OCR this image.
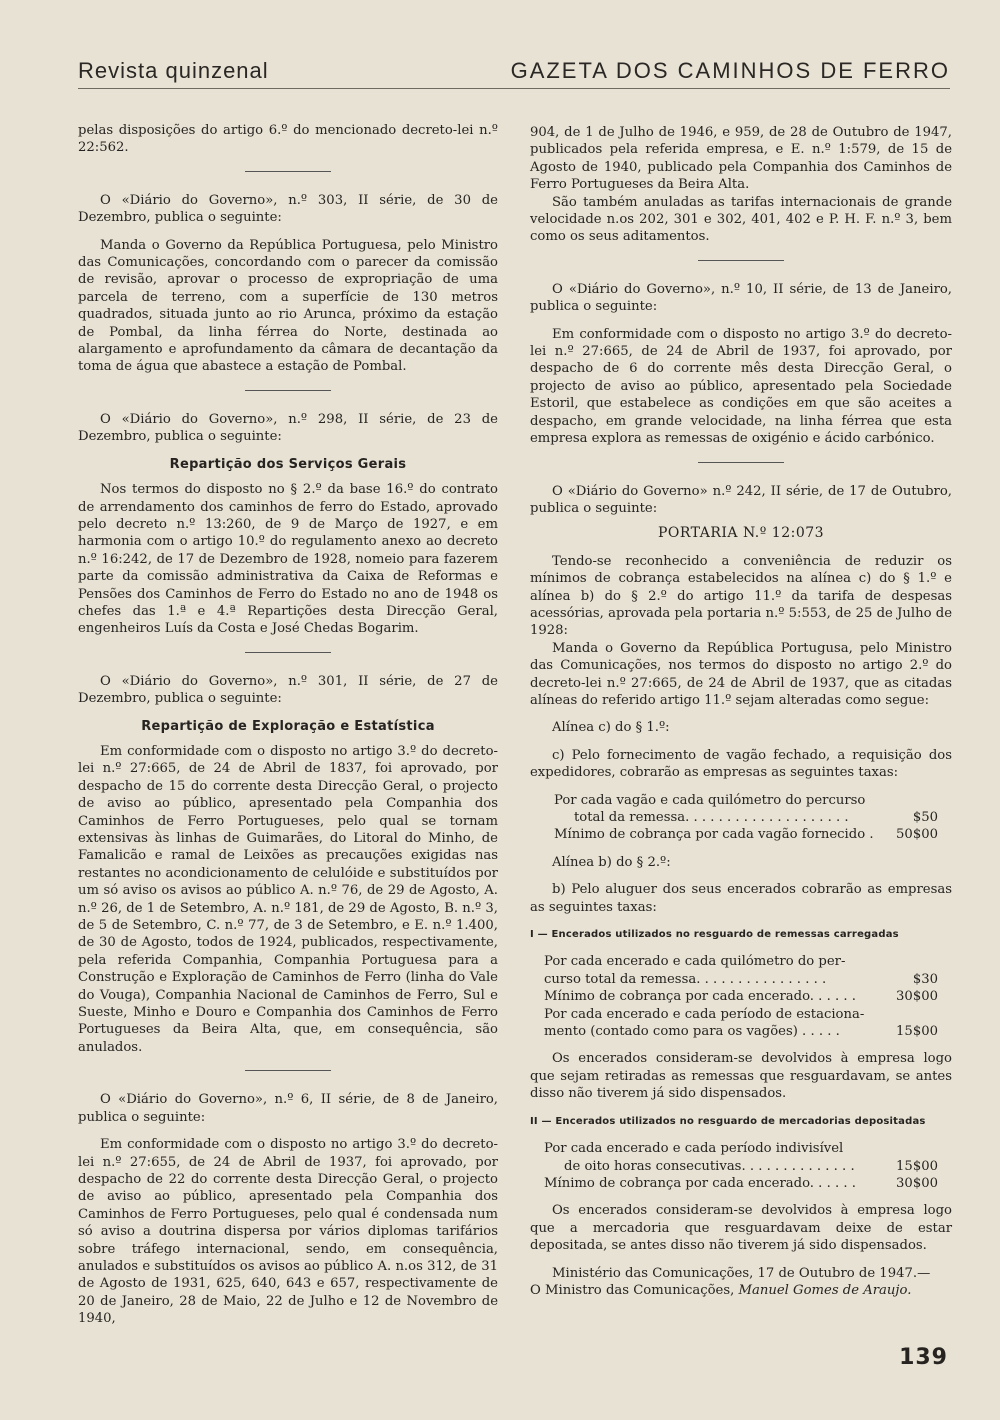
Revista quinzenal	GAZETA DOS CAMINHOS DE FERRO

pelas disposições do artigo 6.º do mencionado decreto-lei n.º 22:562.

O «Diário do Governo», n.º 303, II série, de 30 de Dezembro, publica o seguinte:

Manda o Governo da República Portuguesa, pelo Ministro das Comunicações, concordando com o parecer da comissão de revisão, aprovar o processo de expropriação de uma parcela de terreno, com a superfície de 130 metros quadrados, situada junto ao rio Arunca, próximo da estação de Pombal, da linha férrea do Norte, destinada ao alargamento e aprofundamento da câmara de decantação da toma de água que abastece a estação de Pombal.

O «Diário do Governo», n.º 298, II série, de 23 de Dezembro, publica o seguinte:

Repartição dos Serviços Gerais

Nos termos do disposto no § 2.º da base 16.º do contrato de arrendamento dos caminhos de ferro do Estado, aprovado pelo decreto n.º 13:260, de 9 de Março de 1927, e em harmonia com o artigo 10.º do regulamento anexo ao decreto n.º 16:242, de 17 de Dezembro de 1928, nomeio para fazerem parte da comissão administrativa da Caixa de Reformas e Pensões dos Caminhos de Ferro do Estado no ano de 1948 os chefes das 1.ª e 4.ª Repartições desta Direcção Geral, engenheiros Luís da Costa e José Chedas Bogarim.

O «Diário do Governo», n.º 301, II série, de 27 de Dezembro, publica o seguinte:

Repartição de Exploração e Estatística

Em conformidade com o disposto no artigo 3.º do decreto-lei n.º 27:665, de 24 de Abril de 1837, foi aprovado, por despacho de 15 do corrente desta Direcção Geral, o projecto de aviso ao público, apresentado pela Companhia dos Caminhos de Ferro Portugueses, pelo qual se tornam extensivas às linhas de Guimarães, do Litoral do Minho, de Famalicão e ramal de Leixões as precauções exigidas nas restantes no acondicionamento de celulóide e substituídos por um só aviso os avisos ao público A. n.º 76, de 29 de Agosto, A. n.º 26, de 1 de Setembro, A. n.º 181, de 29 de Agosto, B. n.º 3, de 5 de Setembro, C. n.º 77, de 3 de Setembro, e E. n.º 1.400, de 30 de Agosto, todos de 1924, publicados, respectivamente, pela referida Companhia, Companhia Portuguesa para a Construção e Exploração de Caminhos de Ferro (linha do Vale do Vouga), Companhia Nacional de Caminhos de Ferro, Sul e Sueste, Minho e Douro e Companhia dos Caminhos de Ferro Portugueses da Beira Alta, que, em consequência, são anulados.

O «Diário do Governo», n.º 6, II série, de 8 de Janeiro, publica o seguinte:

Em conformidade com o disposto no artigo 3.º do decreto-lei n.º 27:655, de 24 de Abril de 1937, foi aprovado, por despacho de 22 do corrente desta Direcção Geral, o projecto de aviso ao público, apresentado pela Companhia dos Caminhos de Ferro Portugueses, pelo qual é condensada num só aviso a doutrina dispersa por vários diplomas tarifários sobre tráfego internacional, sendo, em consequência, anulados e substituídos os avisos ao público A. n.os 312, de 31 de Agosto de 1931, 625, 640, 643 e 657, respectivamente de 20 de Janeiro, 28 de Maio, 22 de Julho e 12 de Novembro de 1940,

904, de 1 de Julho de 1946, e 959, de 28 de Outubro de 1947, publicados pela referida empresa, e E. n.º 1:579, de 15 de Agosto de 1940, publicado pela Companhia dos Caminhos de Ferro Portugueses da Beira Alta.

São também anuladas as tarifas internacionais de grande velocidade n.os 202, 301 e 302, 401, 402 e P. H. F. n.º 3, bem como os seus aditamentos.

O «Diário do Governo», n.º 10, II série, de 13 de Janeiro, publica o seguinte:

Em conformidade com o disposto no artigo 3.º do decreto-lei n.º 27:665, de 24 de Abril de 1937, foi aprovado, por despacho de 6 do corrente mês desta Direcção Geral, o projecto de aviso ao público, apresentado pela Sociedade Estoril, que estabelece as condições em que são aceites a despacho, em grande velocidade, na linha férrea que esta empresa explora as remessas de oxigénio e ácido carbónico.

O «Diário do Governo» n.º 242, II série, de 17 de Outubro, publica o seguinte:

PORTARIA N.º 12:073

Tendo-se reconhecido a conveniência de reduzir os mínimos de cobrança estabelecidos na alínea c) do § 1.º e alínea b) do § 2.º do artigo 11.º da tarifa de despesas acessórias, aprovada pela portaria n.º 5:553, de 25 de Julho de 1928:

Manda o Governo da República Portugusa, pelo Ministro das Comunicações, nos termos do disposto no artigo 2.º do decreto-lei n.º 27:665, de 24 de Abril de 1937, que as citadas alíneas do referido artigo 11.º sejam alteradas como segue:

Alínea c) do § 1.º:

c) Pelo fornecimento de vagão fechado, a requisição dos expedidores, cobrarão as empresas as seguintes taxas:

Por cada vagão e cada quilómetro do percurso
total da remessa. . . . . . . . . . . . . . . . . . . .	$50
Mínimo de cobrança por cada vagão fornecido . 50$00

Alínea b) do § 2.º:

b) Pelo aluguer dos seus encerados cobrarão as empresas as seguintes taxas:

I — Encerados utilizados no resguardo de remessas carregadas
Por cada encerado e cada quilómetro do per-
curso total da remessa. . . . . . . . . . . . . . . .	$30
Mínimo de cobrança por cada encerado. . . . . .	30$00
Por cada encerado e cada período de estaciona-
mento (contado como para os vagões) . . . . .	15$00

Os encerados consideram-se devolvidos à empresa logo que sejam retiradas as remessas que resguardavam, se antes disso não tiverem já sido dispensados.

II — Encerados utilizados no resguardo de mercadorias depositadas
Por cada encerado e cada período indivisível
de oito horas consecutivas. . . . . . . . . . . . . .	15$00
Mínimo de cobrança por cada encerado. . . . . .	30$00

Os encerados consideram-se devolvidos à empresa logo que a mercadoria que resguardavam deixe de estar depositada, se antes disso não tiverem já sido dispensados.

Ministério das Comunicações, 17 de Outubro de 1947.—

O Ministro das Comunicações, Manuel Gomes de Araujo.

139
